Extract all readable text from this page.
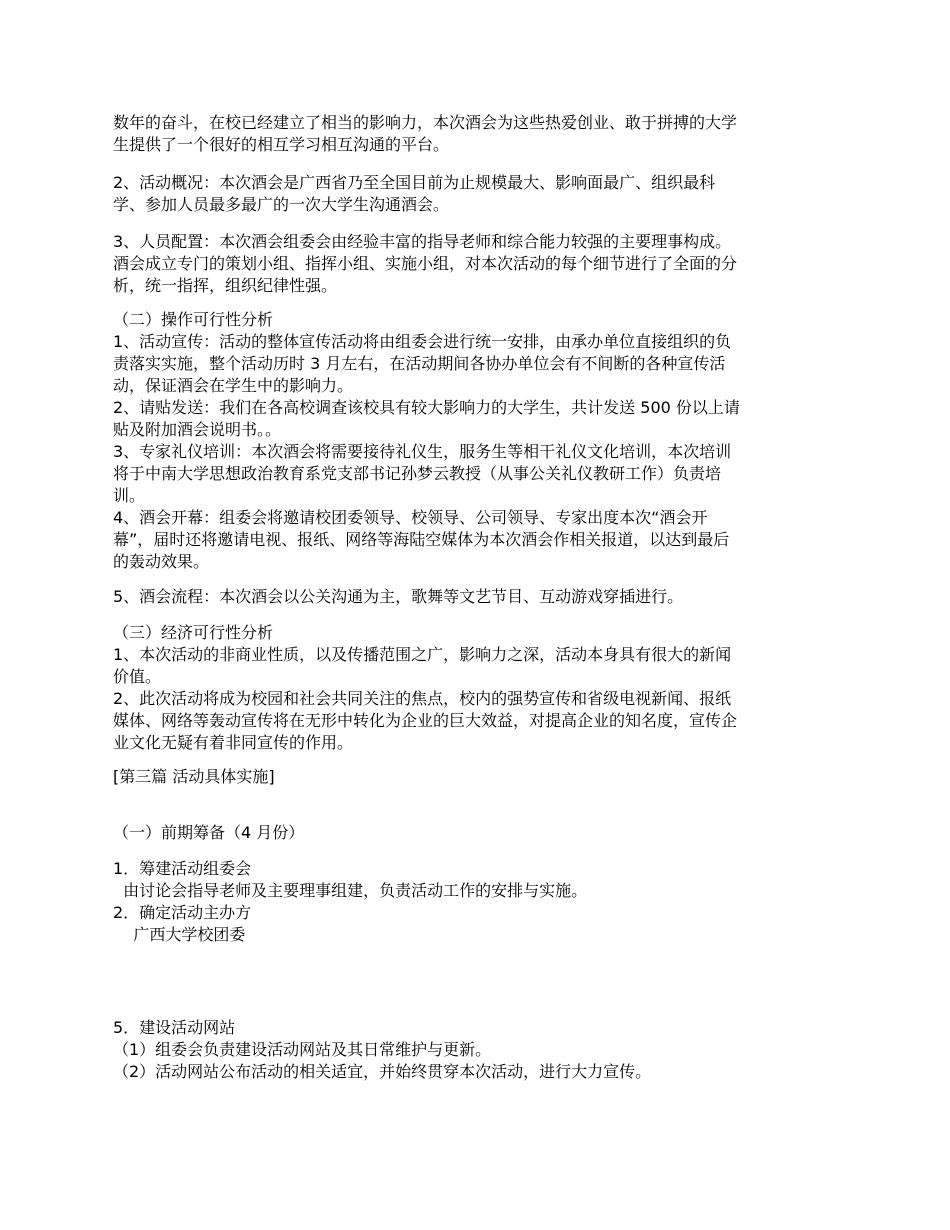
数年的奋斗，在校已经建立了相当的影响力，本次酒会为这些热爱创业、敢于拼搏的大学
生提供了一个很好的相互学习相互沟通的平台。
2、活动概况：本次酒会是广西省乃至全国目前为止规模最大、影响面最广、组织最科
学、参加人员最多最广的一次大学生沟通酒会。
3、人员配置：本次酒会组委会由经验丰富的指导老师和综合能力较强的主要理事构成。
酒会成立专门的策划小组、指挥小组、实施小组，对本次活动的每个细节进行了全面的分
析，统一指挥，组织纪律性强。
（二）操作可行性分析
1、活动宣传：活动的整体宣传活动将由组委会进行统一安排，由承办单位直接组织的负
责落实实施，整个活动历时 3 月左右，在活动期间各协办单位会有不间断的各种宣传活
动，保证酒会在学生中的影响力。
2、请贴发送：我们在各高校调查该校具有较大影响力的大学生，共计发送 500 份以上请
贴及附加酒会说明书。。
3、专家礼仪培训：本次酒会将需要接待礼仪生，服务生等相干礼仪文化培训，本次培训
将于中南大学思想政治教育系党支部书记孙梦云教授（从事公关礼仪教研工作）负责培
训。
4、酒会开幕：组委会将邀请校团委领导、校领导、公司领导、专家出度本次“酒会开
幕”，届时还将邀请电视、报纸、网络等海陆空媒体为本次酒会作相关报道，以达到最后
的轰动效果。
5、酒会流程：本次酒会以公关沟通为主，歌舞等文艺节目、互动游戏穿插进行。
（三）经济可行性分析
1、本次活动的非商业性质，以及传播范围之广，影响力之深，活动本身具有很大的新闻
价值。
2、此次活动将成为校园和社会共同关注的焦点，校内的强势宣传和省级电视新闻、报纸
媒体、网络等轰动宣传将在无形中转化为企业的巨大效益，对提高企业的知名度，宣传企
业文化无疑有着非同宣传的作用。
[第三篇 活动具体实施]
（一）前期筹备（4 月份）
1．筹建活动组委会
由讨论会指导老师及主要理事组建，负责活动工作的安排与实施。
2．确定活动主办方
广西大学校团委
5．建设活动网站
（1）组委会负责建设活动网站及其日常维护与更新。
（2）活动网站公布活动的相关适宜，并始终贯穿本次活动，进行大力宣传。
